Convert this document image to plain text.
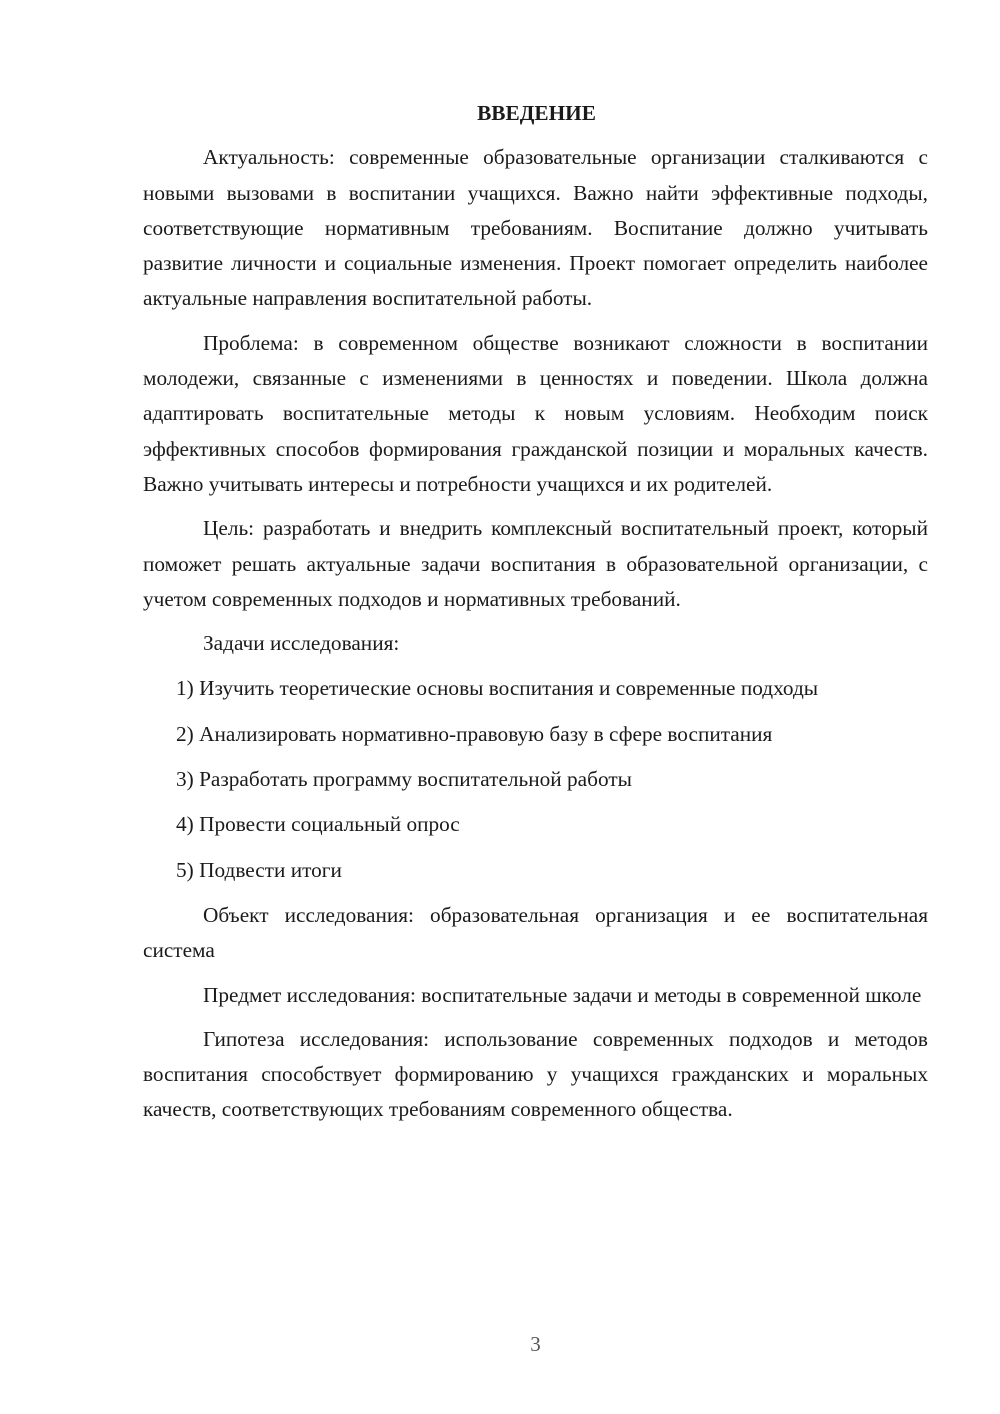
ВВЕДЕНИЕ

Актуальность: современные образовательные организации сталкиваются с новыми вызовами в воспитании учащихся. Важно найти эффективные подходы, соответствующие нормативным требованиям. Воспитание должно учитывать развитие личности и социальные изменения. Проект помогает определить наиболее актуальные направления воспитательной работы.

Проблема: в современном обществе возникают сложности в воспитании молодежи, связанные с изменениями в ценностях и поведении. Школа должна адаптировать воспитательные методы к новым условиям. Необходим поиск эффективных способов формирования гражданской позиции и моральных качеств. Важно учитывать интересы и потребности учащихся и их родителей.

Цель: разработать и внедрить комплексный воспитательный проект, который поможет решать актуальные задачи воспитания в образовательной организации, с учетом современных подходов и нормативных требований.

Задачи исследования:

1) Изучить теоретические основы воспитания и современные подходы
2) Анализировать нормативно-правовую базу в сфере воспитания
3) Разработать программу воспитательной работы
4) Провести социальный опрос
5) Подвести итоги

Объект исследования: образовательная организация и ее воспитательная система

Предмет исследования: воспитательные задачи и методы в современной школе

Гипотеза исследования: использование современных подходов и методов воспитания способствует формированию у учащихся гражданских и моральных качеств, соответствующих требованиям современного общества.

3
